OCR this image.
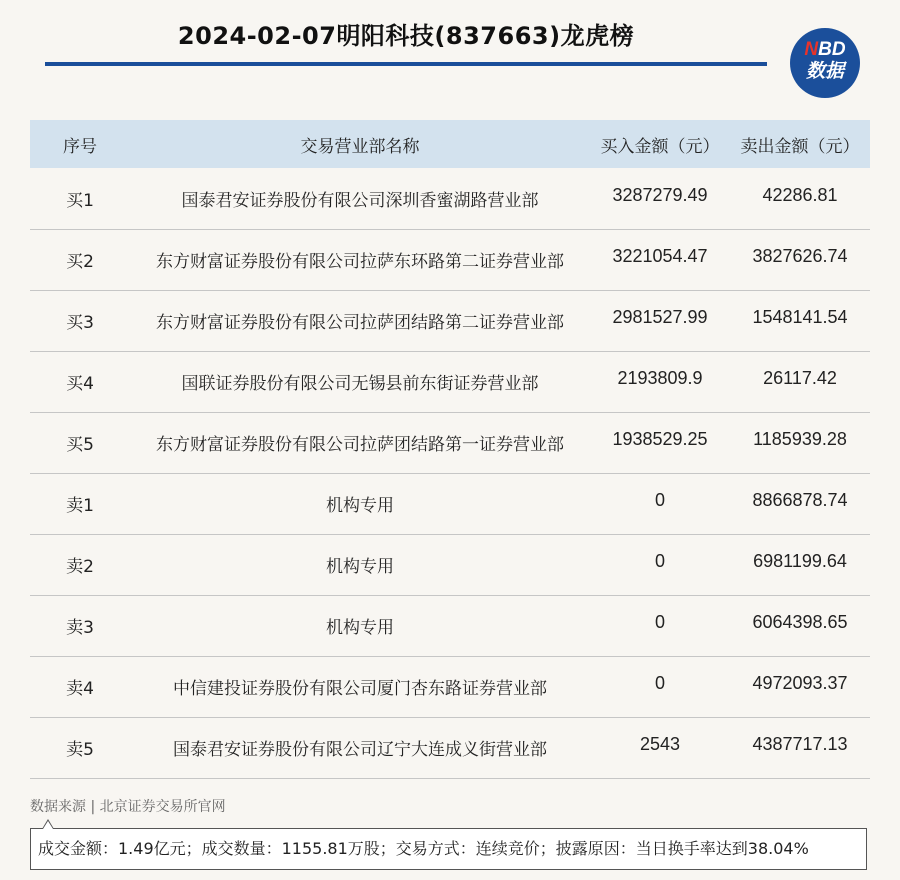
2024-02-07明阳科技(837663)龙虎榜	NBD
数据
序号	交易营业部名称	买入金额（元）	卖出金额（元）
买1	国泰君安证券股份有限公司深圳香蜜湖路营业部	3287279.49	42286.81
买2	东方财富证券股份有限公司拉萨东环路第二证券营业部	3221054.47	3827626.74
买3	东方财富证券股份有限公司拉萨团结路第二证券营业部	2981527.99	1548141.54
买4	国联证券股份有限公司无锡县前东街证券营业部	2193809.9	26117.42
买5	东方财富证券股份有限公司拉萨团结路第一证券营业部	1938529.25	1185939.28
卖1	机构专用	0	8866878.74
卖2	机构专用	0	6981199.64
卖3	机构专用	0	6064398.65
卖4	中信建投证券股份有限公司厦门杏东路证券营业部	0	4972093.37
卖5	国泰君安证券股份有限公司辽宁大连成义街营业部	2543	4387717.13
数据来源 | 北京证券交易所官网
成交金额：1.49亿元；成交数量：1155.81万股；交易方式：连续竞价；披露原因：当日换手率达到38.04%
